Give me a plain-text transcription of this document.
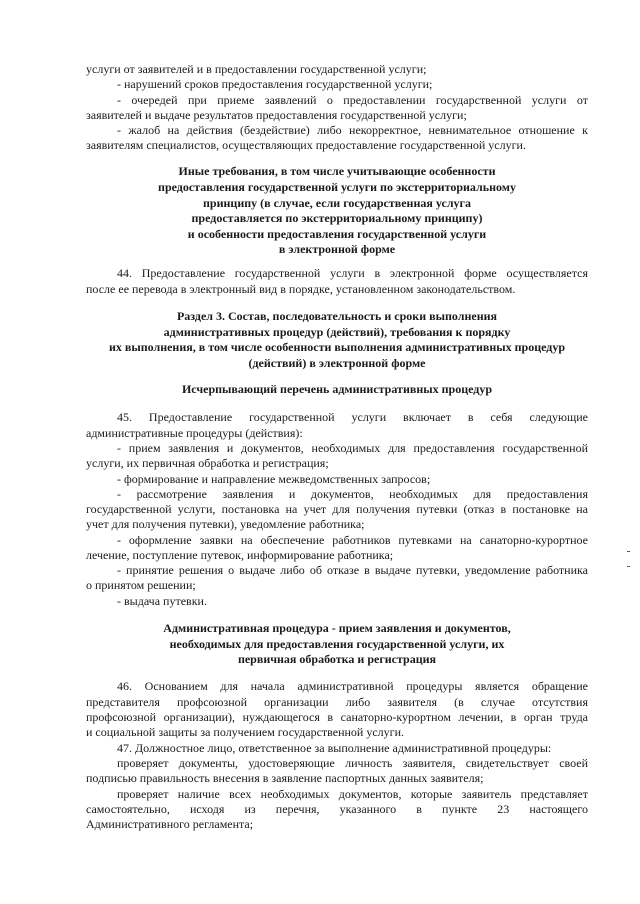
услуги от заявителей и в предоставлении государственной услуги;

- нарушений сроков предоставления государственной услуги;

- очередей при приеме заявлений о предоставлении государственной услуги от

заявителей и выдаче результатов предоставления государственной услуги;

- жалоб на действия (бездействие) либо некорректное, невнимательное отношение к

заявителям специалистов, осуществляющих предоставление государственной услуги.

Иные требования, в том числе учитывающие особенности

предоставления государственной услуги по экстерриториальному

принципу (в случае, если государственная услуга

предоставляется по экстерриториальному принципу)

и особенности предоставления государственной услуги

в электронной форме

44. Предоставление государственной услуги в электронной форме осуществляется

после ее перевода в электронный вид в порядке, установленном законодательством.

Раздел 3. Состав, последовательность и сроки выполнения

административных процедур (действий), требования к порядку

их выполнения, в том числе особенности выполнения административных процедур

(действий) в электронной форме

Исчерпывающий перечень административных процедур

45. Предоставление государственной услуги включает в себя следующие

административные процедуры (действия):

- прием заявления и документов, необходимых для предоставления государственной

услуги, их первичная обработка и регистрация;

- формирование и направление межведомственных запросов;

- рассмотрение заявления и документов, необходимых для предоставления

государственной услуги, постановка на учет для получения путевки (отказ в постановке на

учет для получения путевки), уведомление работника;

- оформление заявки на обеспечение работников путевками на санаторно-курортное

лечение, поступление путевок, информирование работника;

- принятие решения о выдаче либо об отказе в выдаче путевки, уведомление работника

о принятом решении;

- выдача путевки.

Административная процедура - прием заявления и документов,

необходимых для предоставления государственной услуги, их

первичная обработка и регистрация

46. Основанием для начала административной процедуры является обращение

представителя профсоюзной организации либо заявителя (в случае отсутствия

профсоюзной организации), нуждающегося в санаторно-курортном лечении, в орган труда

и социальной защиты за получением государственной услуги.

47. Должностное лицо, ответственное за выполнение административной процедуры:

проверяет документы, удостоверяющие личность заявителя, свидетельствует своей

подписью правильность внесения в заявление паспортных данных заявителя;

проверяет наличие всех необходимых документов, которые заявитель представляет

самостоятельно, исходя из перечня, указанного в пункте 23 настоящего

Административного регламента;
